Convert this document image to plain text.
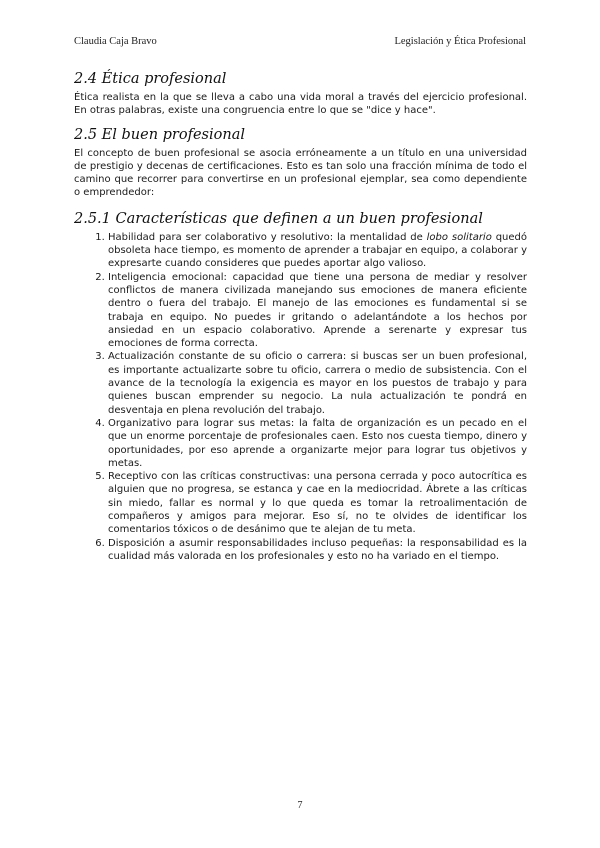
Claudia Caja Bravo	Legislación y Ética Profesional
2.4 Ética profesional

Ética realista en la que se lleva a cabo una vida moral a través del ejercicio profesional. En otras palabras, existe una congruencia entre lo que se "dice y hace".

2.5 El buen profesional

El concepto de buen profesional se asocia erróneamente a un título en una universidad de prestigio y decenas de certificaciones. Esto es tan solo una fracción mínima de todo el camino que recorrer para convertirse en un profesional ejemplar, sea como dependiente o emprendedor:

2.5.1 Características que definen a un buen profesional
1. Habilidad para ser colaborativo y resolutivo: la mentalidad de lobo solitario quedó obsoleta hace tiempo, es momento de aprender a trabajar en equipo, a colaborar y expresarte cuando consideres que puedes aportar algo valioso.
2. Inteligencia emocional: capacidad que tiene una persona de mediar y resolver conflictos de manera civilizada manejando sus emociones de manera eficiente dentro o fuera del trabajo. El manejo de las emociones es fundamental si se trabaja en equipo. No puedes ir gritando o adelantándote a los hechos por ansiedad en un espacio colaborativo. Aprende a serenarte y expresar tus emociones de forma correcta.
3. Actualización constante de su oficio o carrera: si buscas ser un buen profesional, es importante actualizarte sobre tu oficio, carrera o medio de subsistencia. Con el avance de la tecnología la exigencia es mayor en los puestos de trabajo y para quienes buscan emprender su negocio. La nula actualización te pondrá en desventaja en plena revolución del trabajo.
4. Organizativo para lograr sus metas: la falta de organización es un pecado en el que un enorme porcentaje de profesionales caen. Esto nos cuesta tiempo, dinero y oportunidades, por eso aprende a organizarte mejor para lograr tus objetivos y metas.
5. Receptivo con las críticas constructivas: una persona cerrada y poco autocrítica es alguien que no progresa, se estanca y cae en la mediocridad. Ábrete a las críticas sin miedo, fallar es normal y lo que queda es tomar la retroalimentación de compañeros y amigos para mejorar. Eso sí, no te olvides de identificar los comentarios tóxicos o de desánimo que te alejan de tu meta.
6. Disposición a asumir responsabilidades incluso pequeñas: la responsabilidad es la cualidad más valorada en los profesionales y esto no ha variado en el tiempo.
7
